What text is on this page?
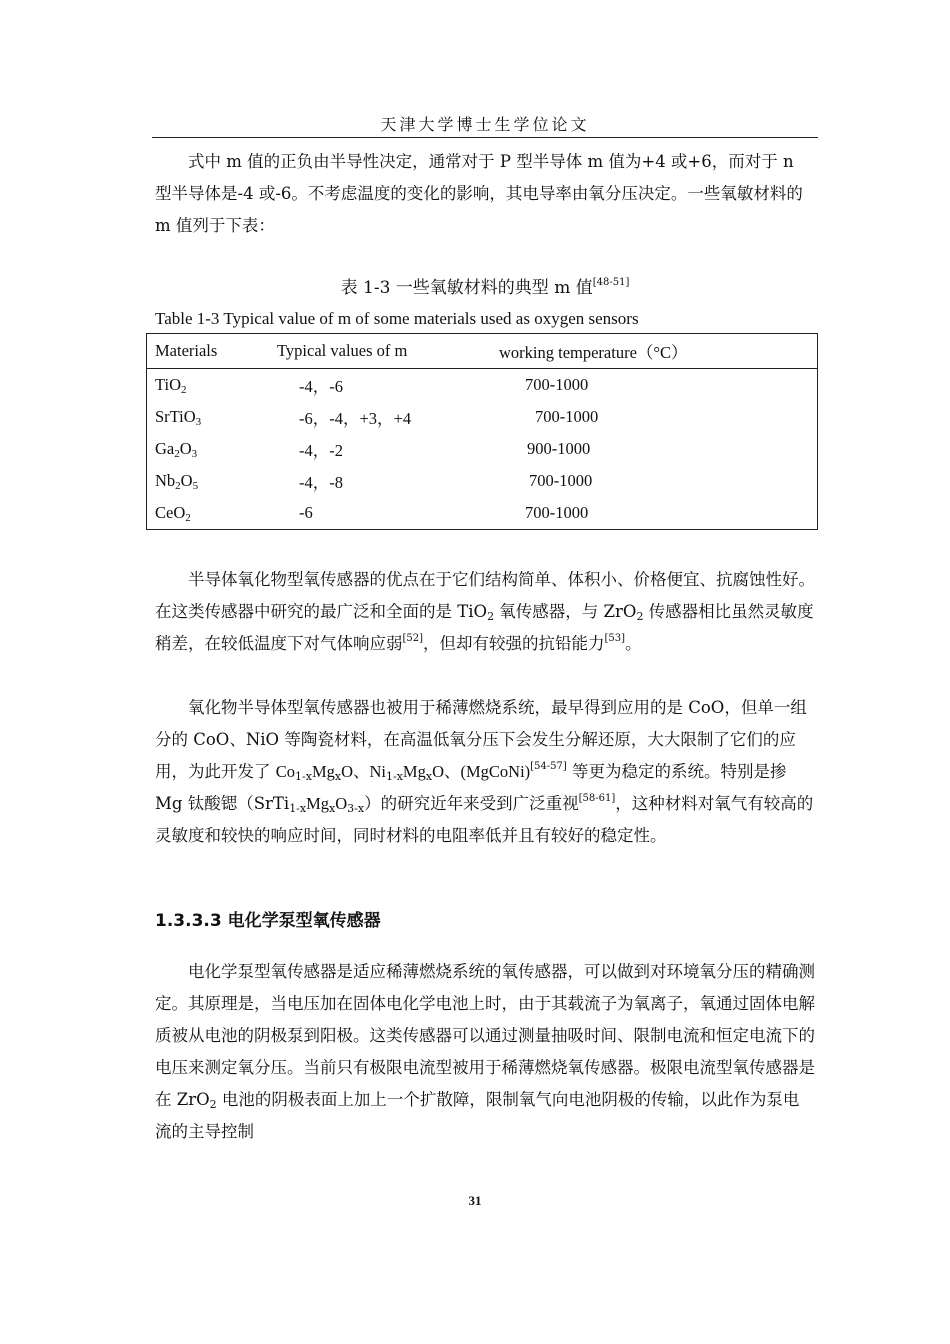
天津大学博士生学位论文
式中 m 值的正负由半导性决定，通常对于 P 型半导体 m 值为+4 或+6，而对于 n 型半导体是-4 或-6。不考虑温度的变化的影响，其电导率由氧分压决定。一些氧敏材料的 m 值列于下表：
表 1-3 一些氧敏材料的典型 m 值[48-51]
Table 1-3 Typical value of m of some materials used as oxygen sensors
Materials	Typical values of m	working temperature（°C）
TiO$_2$	-4，-6	700-1000
SrTiO$_3$	-6，-4，+3，+4	700-1000
$Ga_2O_3$	-4，-2	900-1000
$Nb_2O_5$	-4，-8	700-1000
CeO$_2$	-6	700-1000
半导体氧化物型氧传感器的优点在于它们结构简单、体积小、价格便宜、抗腐蚀性好。在这类传感器中研究的最广泛和全面的是 TiO$_2$ 氧传感器，与 ZrO$_2$ 传感器相比虽然灵敏度稍差，在较低温度下对气体响应弱[52]，但却有较强的抗铅能力[53]。
氧化物半导体型氧传感器也被用于稀薄燃烧系统，最早得到应用的是 CoO，但单一组分的 CoO、NiO 等陶瓷材料，在高温低氧分压下会发生分解还原，大大限制了它们的应用，为此开发了 $Co_{1-x}Mg_xO$、$Ni_{1-x}Mg_xO$、(MgCoNi)[54-57] 等更为稳定的系统。特别是掺 Mg 钛酸锶$(SrTi_{1-x}Mg_xO_{3-x})$的研究近年来受到广泛重视[58-61]，这种材料对氧气有较高的灵敏度和较快的响应时间，同时材料的电阻率低并且有较好的稳定性。
1.3.3.3 电化学泵型氧传感器
电化学泵型氧传感器是适应稀薄燃烧系统的氧传感器，可以做到对环境氧分压的精确测定。其原理是，当电压加在固体电化学电池上时，由于其载流子为氧离子，氧通过固体电解质被从电池的阴极泵到阳极。这类传感器可以通过测量抽吸时间、限制电流和恒定电流下的电压来测定氧分压。当前只有极限电流型被用于稀薄燃烧氧传感器。极限电流型氧传感器是在 ZrO$_2$ 电池的阴极表面上加上一个扩散障，限制氧气向电池阴极的传输，以此作为泵电流的主导控制
31
